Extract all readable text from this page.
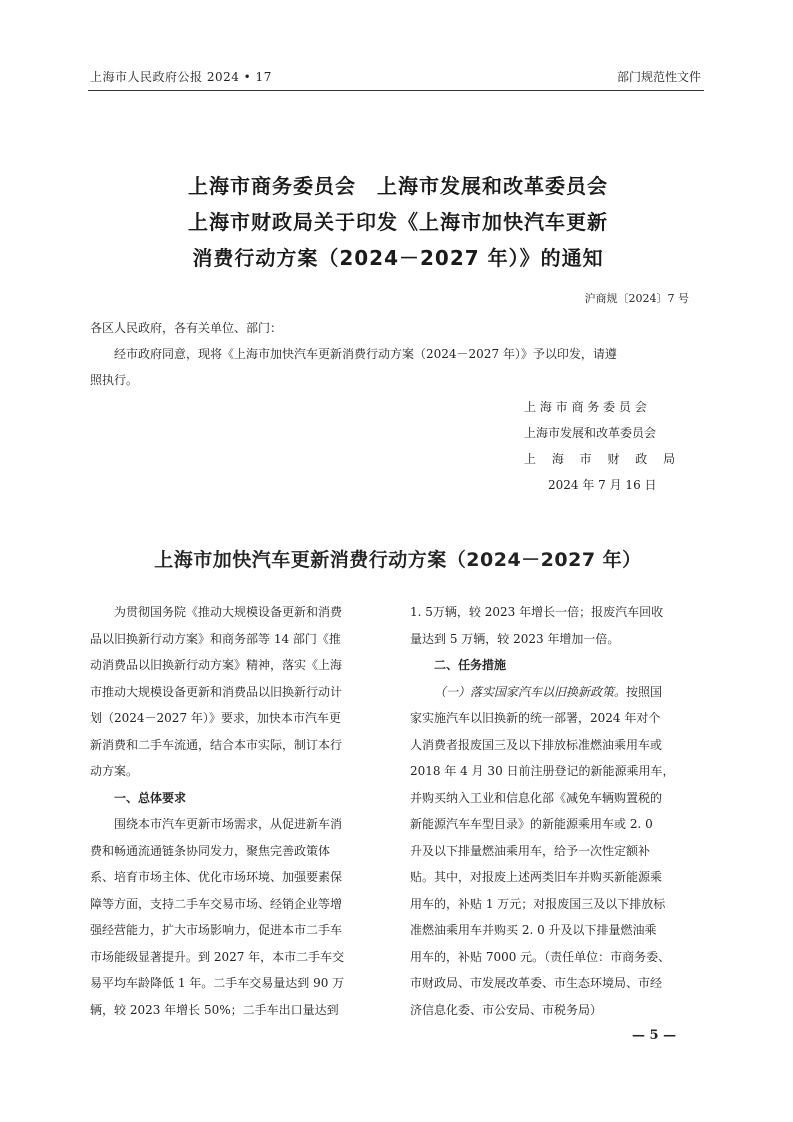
上海市人民政府公报 2024 • 17	部门规范性文件
上海市商务委员会　上海市发展和改革委员会
上海市财政局关于印发《上海市加快汽车更新
消费行动方案（2024－2027 年）》的通知
沪商规〔2024〕7 号
各区人民政府，各有关单位、部门：
经市政府同意，现将《上海市加快汽车更新消费行动方案（2024－2027 年）》予以印发，请遵
照执行。
上 海 市 商 务 委 员 会
上海市发展和改革委员会
上　 海　 市　 财　 政　 局
2024 年 7 月 16 日
上海市加快汽车更新消费行动方案（2024－2027 年）

为贯彻国务院《推动大规模设备更新和消费

品以旧换新行动方案》和商务部等 14 部门《推

动消费品以旧换新行动方案》精神，落实《上海

市推动大规模设备更新和消费品以旧换新行动计

划（2024－2027 年）》要求，加快本市汽车更

新消费和二手车流通，结合本市实际，制订本行

动方案。

一、总体要求

围绕本市汽车更新市场需求，从促进新车消

费和畅通流通链条协同发力，聚焦完善政策体

系、培育市场主体、优化市场环境、加强要素保

障等方面，支持二手车交易市场、经销企业等增

强经营能力，扩大市场影响力，促进本市二手车

市场能级显著提升。到 2027 年，本市二手车交

易平均车龄降低 1 年。二手车交易量达到 90 万

辆，较 2023 年增长 50%；二手车出口量达到

1. 5万辆，较 2023 年增长一倍；报废汽车回收

量达到 5 万辆，较 2023 年增加一倍。

二、任务措施

（一）落实国家汽车以旧换新政策。按照国

家实施汽车以旧换新的统一部署，2024 年对个

人消费者报废国三及以下排放标准燃油乘用车或

2018 年 4 月 30 日前注册登记的新能源乘用车，

并购买纳入工业和信息化部《减免车辆购置税的

新能源汽车车型目录》的新能源乘用车或 2. 0

升及以下排量燃油乘用车，给予一次性定额补

贴。其中，对报废上述两类旧车并购买新能源乘

用车的，补贴 1 万元；对报废国三及以下排放标

准燃油乘用车并购买 2. 0 升及以下排量燃油乘

用车的，补贴 7000 元。（责任单位：市商务委、

市财政局、市发展改革委、市生态环境局、市经

济信息化委、市公安局、市税务局）

— 5 —
